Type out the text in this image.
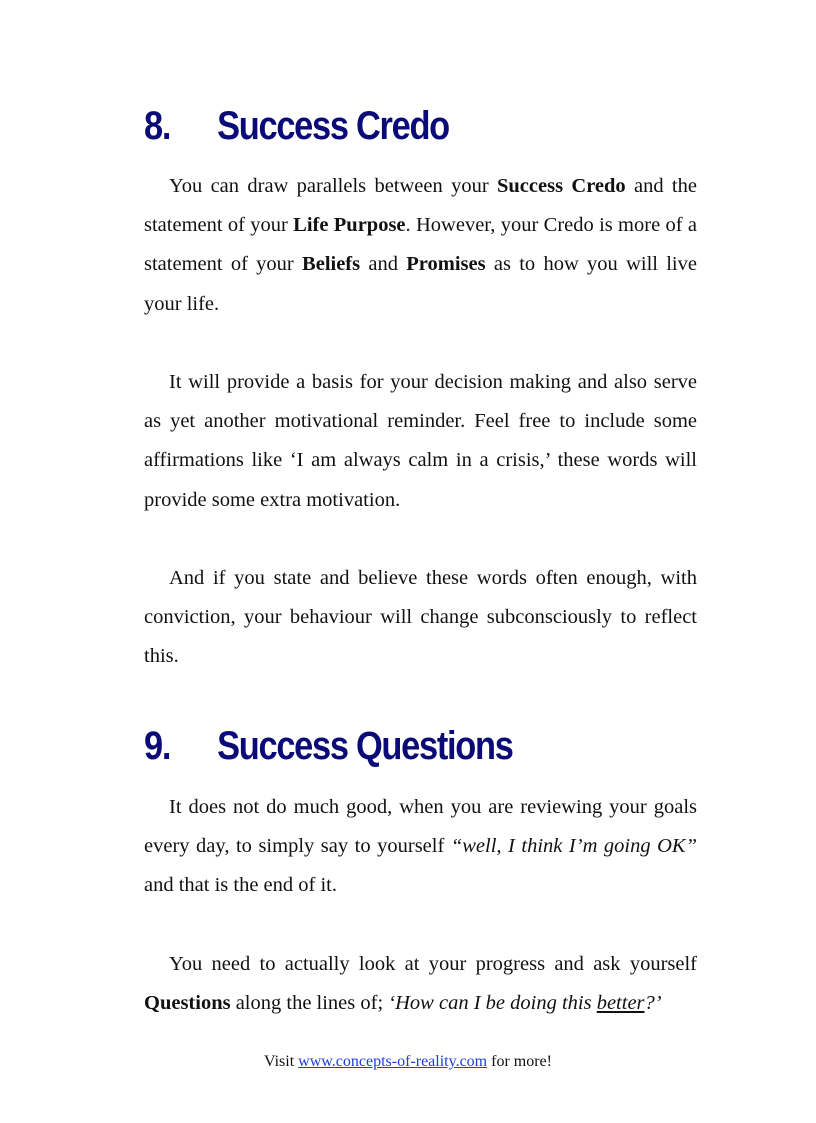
8. Success Credo

You can draw parallels between your Success Credo and the statement of your Life Purpose. However, your Credo is more of a statement of your Beliefs and Promises as to how you will live your life.

It will provide a basis for your decision making and also serve as yet another motivational reminder. Feel free to include some affirmations like ‘I am always calm in a crisis,’ these words will provide some extra motivation.

And if you state and believe these words often enough, with conviction, your behaviour will change subconsciously to reflect this.

9. Success Questions

It does not do much good, when you are reviewing your goals every day, to simply say to yourself “well, I think I’m going OK” and that is the end of it.

You need to actually look at your progress and ask yourself Questions along the lines of; ‘How can I be doing this better?’

Visit www.concepts-of-reality.com for more!
